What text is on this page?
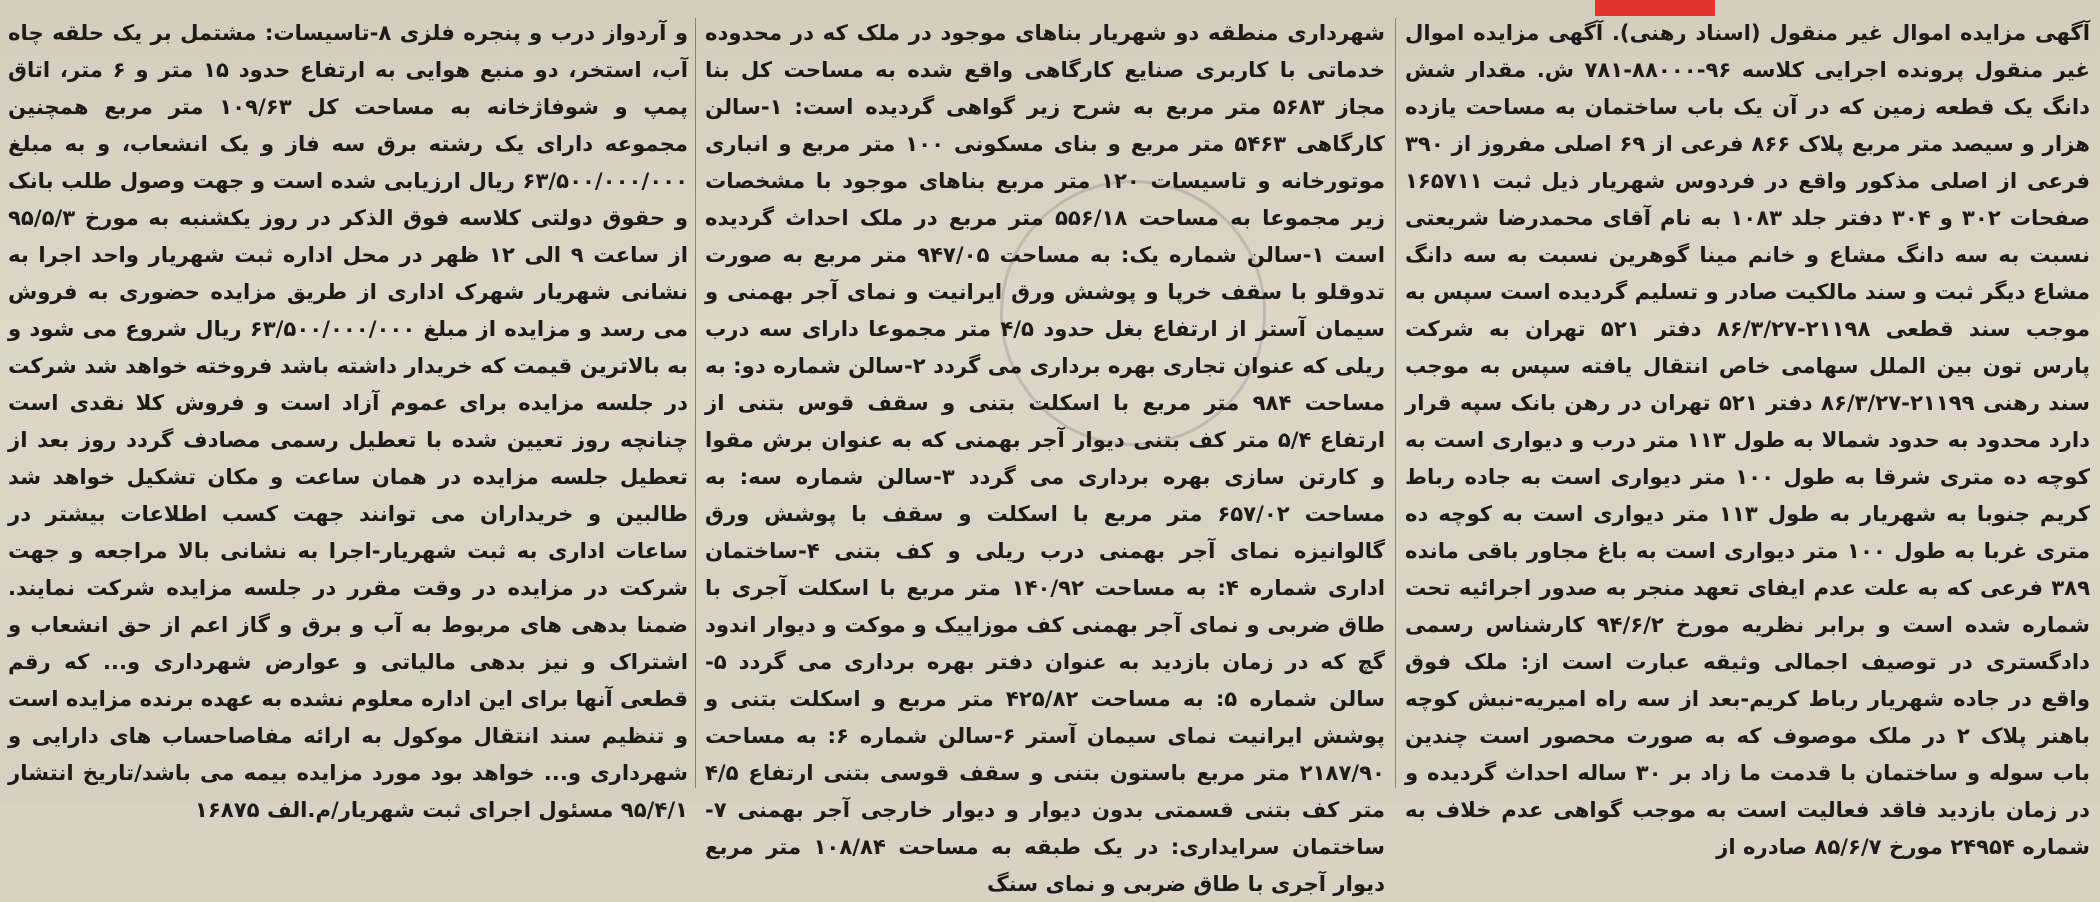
آگهی مزایده اموال غیر منقول (اسناد رهنی). آگهی مزایده اموال غیر منقول پرونده اجرایی کلاسه ۹۶-۸۸۰۰۰-۷۸۱ ش. مقدار شش دانگ یک قطعه زمین که در آن یک باب ساختمان به مساحت یازده هزار و سیصد متر مربع پلاک ۸۶۶ فرعی از ۶۹ اصلی مفروز از ۳۹۰ فرعی از اصلی مذکور واقع در فردوس شهریار ذیل ثبت ۱۶۵۷۱۱ صفحات ۳۰۲ و ۳۰۴ دفتر جلد ۱۰۸۳ به نام آقای محمدرضا شریعتی نسبت به سه دانگ مشاع و خانم مینا گوهرین نسبت به سه دانگ مشاع دیگر ثبت و سند مالکیت صادر و تسلیم گردیده است سپس به موجب سند قطعی ۲۱۱۹۸-۸۶/۳/۲۷ دفتر ۵۲۱ تهران به شرکت پارس تون بین الملل سهامی خاص انتقال یافته سپس به موجب سند رهنی ۲۱۱۹۹-۸۶/۳/۲۷ دفتر ۵۲۱ تهران در رهن بانک سپه قرار دارد محدود به حدود شمالا به طول ۱۱۳ متر درب و دیواری است به کوچه ده متری شرقا به طول ۱۰۰ متر دیواری است به جاده رباط کریم جنوبا به شهریار به طول ۱۱۳ متر دیواری است به کوچه ده متری غربا به طول ۱۰۰ متر دیواری است به باغ مجاور باقی مانده ۳۸۹ فرعی که به علت عدم ایفای تعهد منجر به صدور اجرائیه تحت شماره شده است و برابر نظریه مورخ ۹۴/۶/۲ کارشناس رسمی دادگستری در توصیف اجمالی وثیقه عبارت است از: ملک فوق واقع در جاده شهریار رباط کریم-بعد از سه راه امیریه-نبش کوچه باهنر پلاک ۲ در ملک موصوف که به صورت محصور است چندین باب سوله و ساختمان با قدمت ما زاد بر ۳۰ ساله احداث گردیده و در زمان بازدید فاقد فعالیت است به موجب گواهی عدم خلاف به شماره ۲۴۹۵۴ مورخ ۸۵/۶/۷ صادره از

شهرداری منطقه دو شهریار بناهای موجود در ملک که در محدوده خدماتی با کاربری صنایع کارگاهی واقع شده به مساحت کل بنا مجاز ۵۶۸۳ متر مربع به شرح زیر گواهی گردیده است: ۱-سالن کارگاهی ۵۴۶۳ متر مربع و بنای مسکونی ۱۰۰ متر مربع و انباری موتورخانه و تاسیسات ۱۲۰ متر مربع بناهای موجود با مشخصات زیر مجموعا به مساحت ۵۵۶/۱۸ متر مربع در ملک احداث گردیده است ۱-سالن شماره یک: به مساحت ۹۴۷/۰۵ متر مربع به صورت تدوقلو با سقف خرپا و پوشش ورق ایرانیت و نمای آجر بهمنی و سیمان آستر از ارتفاع بغل حدود ۴/۵ متر مجموعا دارای سه درب ریلی که عنوان تجاری بهره برداری می گردد ۲-سالن شماره دو: به مساحت ۹۸۴ متر مربع با اسکلت بتنی و سقف قوس بتنی از ارتفاع ۵/۴ متر کف بتنی دیوار آجر بهمنی که به عنوان برش مقوا و کارتن سازی بهره برداری می گردد ۳-سالن شماره سه: به مساحت ۶۵۷/۰۲ متر مربع با اسکلت و سقف با پوشش ورق گالوانیزه نمای آجر بهمنی درب ریلی و کف بتنی ۴-ساختمان اداری شماره ۴: به مساحت ۱۴۰/۹۲ متر مربع با اسکلت آجری با طاق ضربی و نمای آجر بهمنی کف موزاییک و موکت و دیوار اندود گچ که در زمان بازدید به عنوان دفتر بهره برداری می گردد ۵-سالن شماره ۵: به مساحت ۴۲۵/۸۲ متر مربع و اسکلت بتنی و پوشش ایرانیت نمای سیمان آستر ۶-سالن شماره ۶: به مساحت ۲۱۸۷/۹۰ متر مربع باستون بتنی و سقف قوسی بتنی ارتفاع ۴/۵ متر کف بتنی قسمتی بدون دیوار و دیوار خارجی آجر بهمنی ۷-ساختمان سرایداری: در یک طبقه به مساحت ۱۰۸/۸۴ متر مربع دیوار آجری با طاق ضربی و نمای سنگ

و آردواز درب و پنجره فلزی ۸-تاسیسات: مشتمل بر یک حلقه چاه آب، استخر، دو منبع هوایی به ارتفاع حدود ۱۵ متر و ۶ متر، اتاق پمپ و شوفاژخانه به مساحت کل ۱۰۹/۶۳ متر مربع همچنین مجموعه دارای یک رشته برق سه فاز و یک انشعاب، و به مبلغ ۶۳/۵۰۰/۰۰۰/۰۰۰ ریال ارزیابی شده است و جهت وصول طلب بانک و حقوق دولتی کلاسه فوق الذکر در روز یکشنبه به مورخ ۹۵/۵/۳ از ساعت ۹ الی ۱۲ ظهر در محل اداره ثبت شهریار واحد اجرا به نشانی شهریار شهرک اداری از طریق مزایده حضوری به فروش می رسد و مزایده از مبلغ ۶۳/۵۰۰/۰۰۰/۰۰۰ ریال شروع می شود و به بالاترین قیمت که خریدار داشته باشد فروخته خواهد شد شرکت در جلسه مزایده برای عموم آزاد است و فروش کلا نقدی است چنانچه روز تعیین شده با تعطیل رسمی مصادف گردد روز بعد از تعطیل جلسه مزایده در همان ساعت و مکان تشکیل خواهد شد طالبین و خریداران می توانند جهت کسب اطلاعات بیشتر در ساعات اداری به ثبت شهریار-اجرا به نشانی بالا مراجعه و جهت شرکت در مزایده در وقت مقرر در جلسه مزایده شرکت نمایند. ضمنا بدهی های مربوط به آب و برق و گاز اعم از حق انشعاب و اشتراک و نیز بدهی مالیاتی و عوارض شهرداری و... که رقم قطعی آنها برای این اداره معلوم نشده به عهده برنده مزایده است و تنظیم سند انتقال موکول به ارائه مفاصاحساب های دارایی و شهرداری و... خواهد بود مورد مزایده بیمه می باشد/تاریخ انتشار ۹۵/۴/۱ مسئول اجرای ثبت شهریار/م.الف ۱۶۸۷۵
